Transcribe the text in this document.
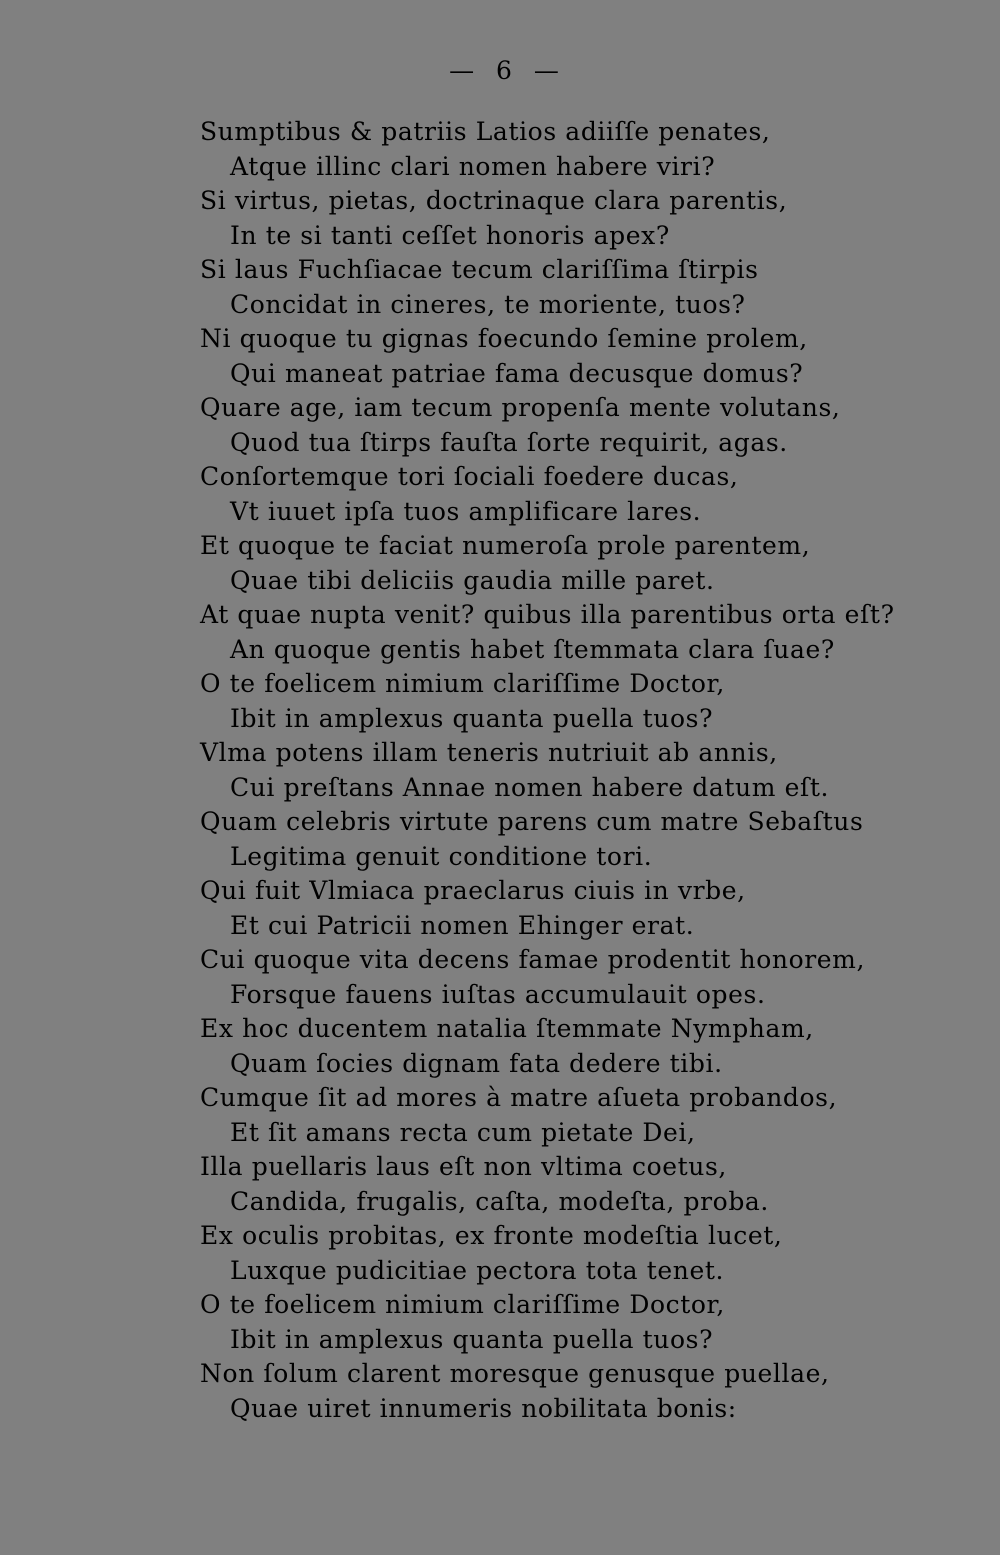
—  6  —
Sumptibus & patriis Latios adiiſſe penates,
Atque illinc clari nomen habere viri?
Si virtus, pietas, doctrinaque clara parentis,
In te si tanti ceſſet honoris apex?
Si laus Fuchſiacae tecum clariſſima ſtirpis
Concidat in cineres, te moriente, tuos?
Ni quoque tu gignas foecundo ſemine prolem,
Qui maneat patriae fama decusque domus?
Quare age, iam tecum propenſa mente volutans,
Quod tua ſtirps fauſta ſorte requirit, agas.
Conſortemque tori ſociali foedere ducas,
Vt iuuet ipſa tuos amplificare lares.
Et quoque te faciat numeroſa prole parentem,
Quae tibi deliciis gaudia mille paret.
At quae nupta venit? quibus illa parentibus orta eſt?
An quoque gentis habet ſtemmata clara ſuae?
O te foelicem nimium clariſſime Doctor,
Ibit in amplexus quanta puella tuos?
Vlma potens illam teneris nutriuit ab annis,
Cui preſtans Annae nomen habere datum eſt.
Quam celebris virtute parens cum matre Sebaſtus
Legitima genuit conditione tori.
Qui fuit Vlmiaca praeclarus ciuis in vrbe,
Et cui Patricii nomen Ehinger erat.
Cui quoque vita decens famae prodentit honorem,
Forsque fauens iuſtas accumulauit opes.
Ex hoc ducentem natalia ſtemmate Nympham,
Quam ſocies dignam fata dedere tibi.
Cumque ſit ad mores à matre aſueta probandos,
Et ſit amans recta cum pietate Dei,
Illa puellaris laus eſt non vltima coetus,
Candida, frugalis, caſta, modeſta, proba.
Ex oculis probitas, ex fronte modeſtia lucet,
Luxque pudicitiae pectora tota tenet.
O te foelicem nimium clariſſime Doctor,
Ibit in amplexus quanta puella tuos?
Non ſolum clarent moresque genusque puellae,
Quae uiret innumeris nobilitata bonis:
